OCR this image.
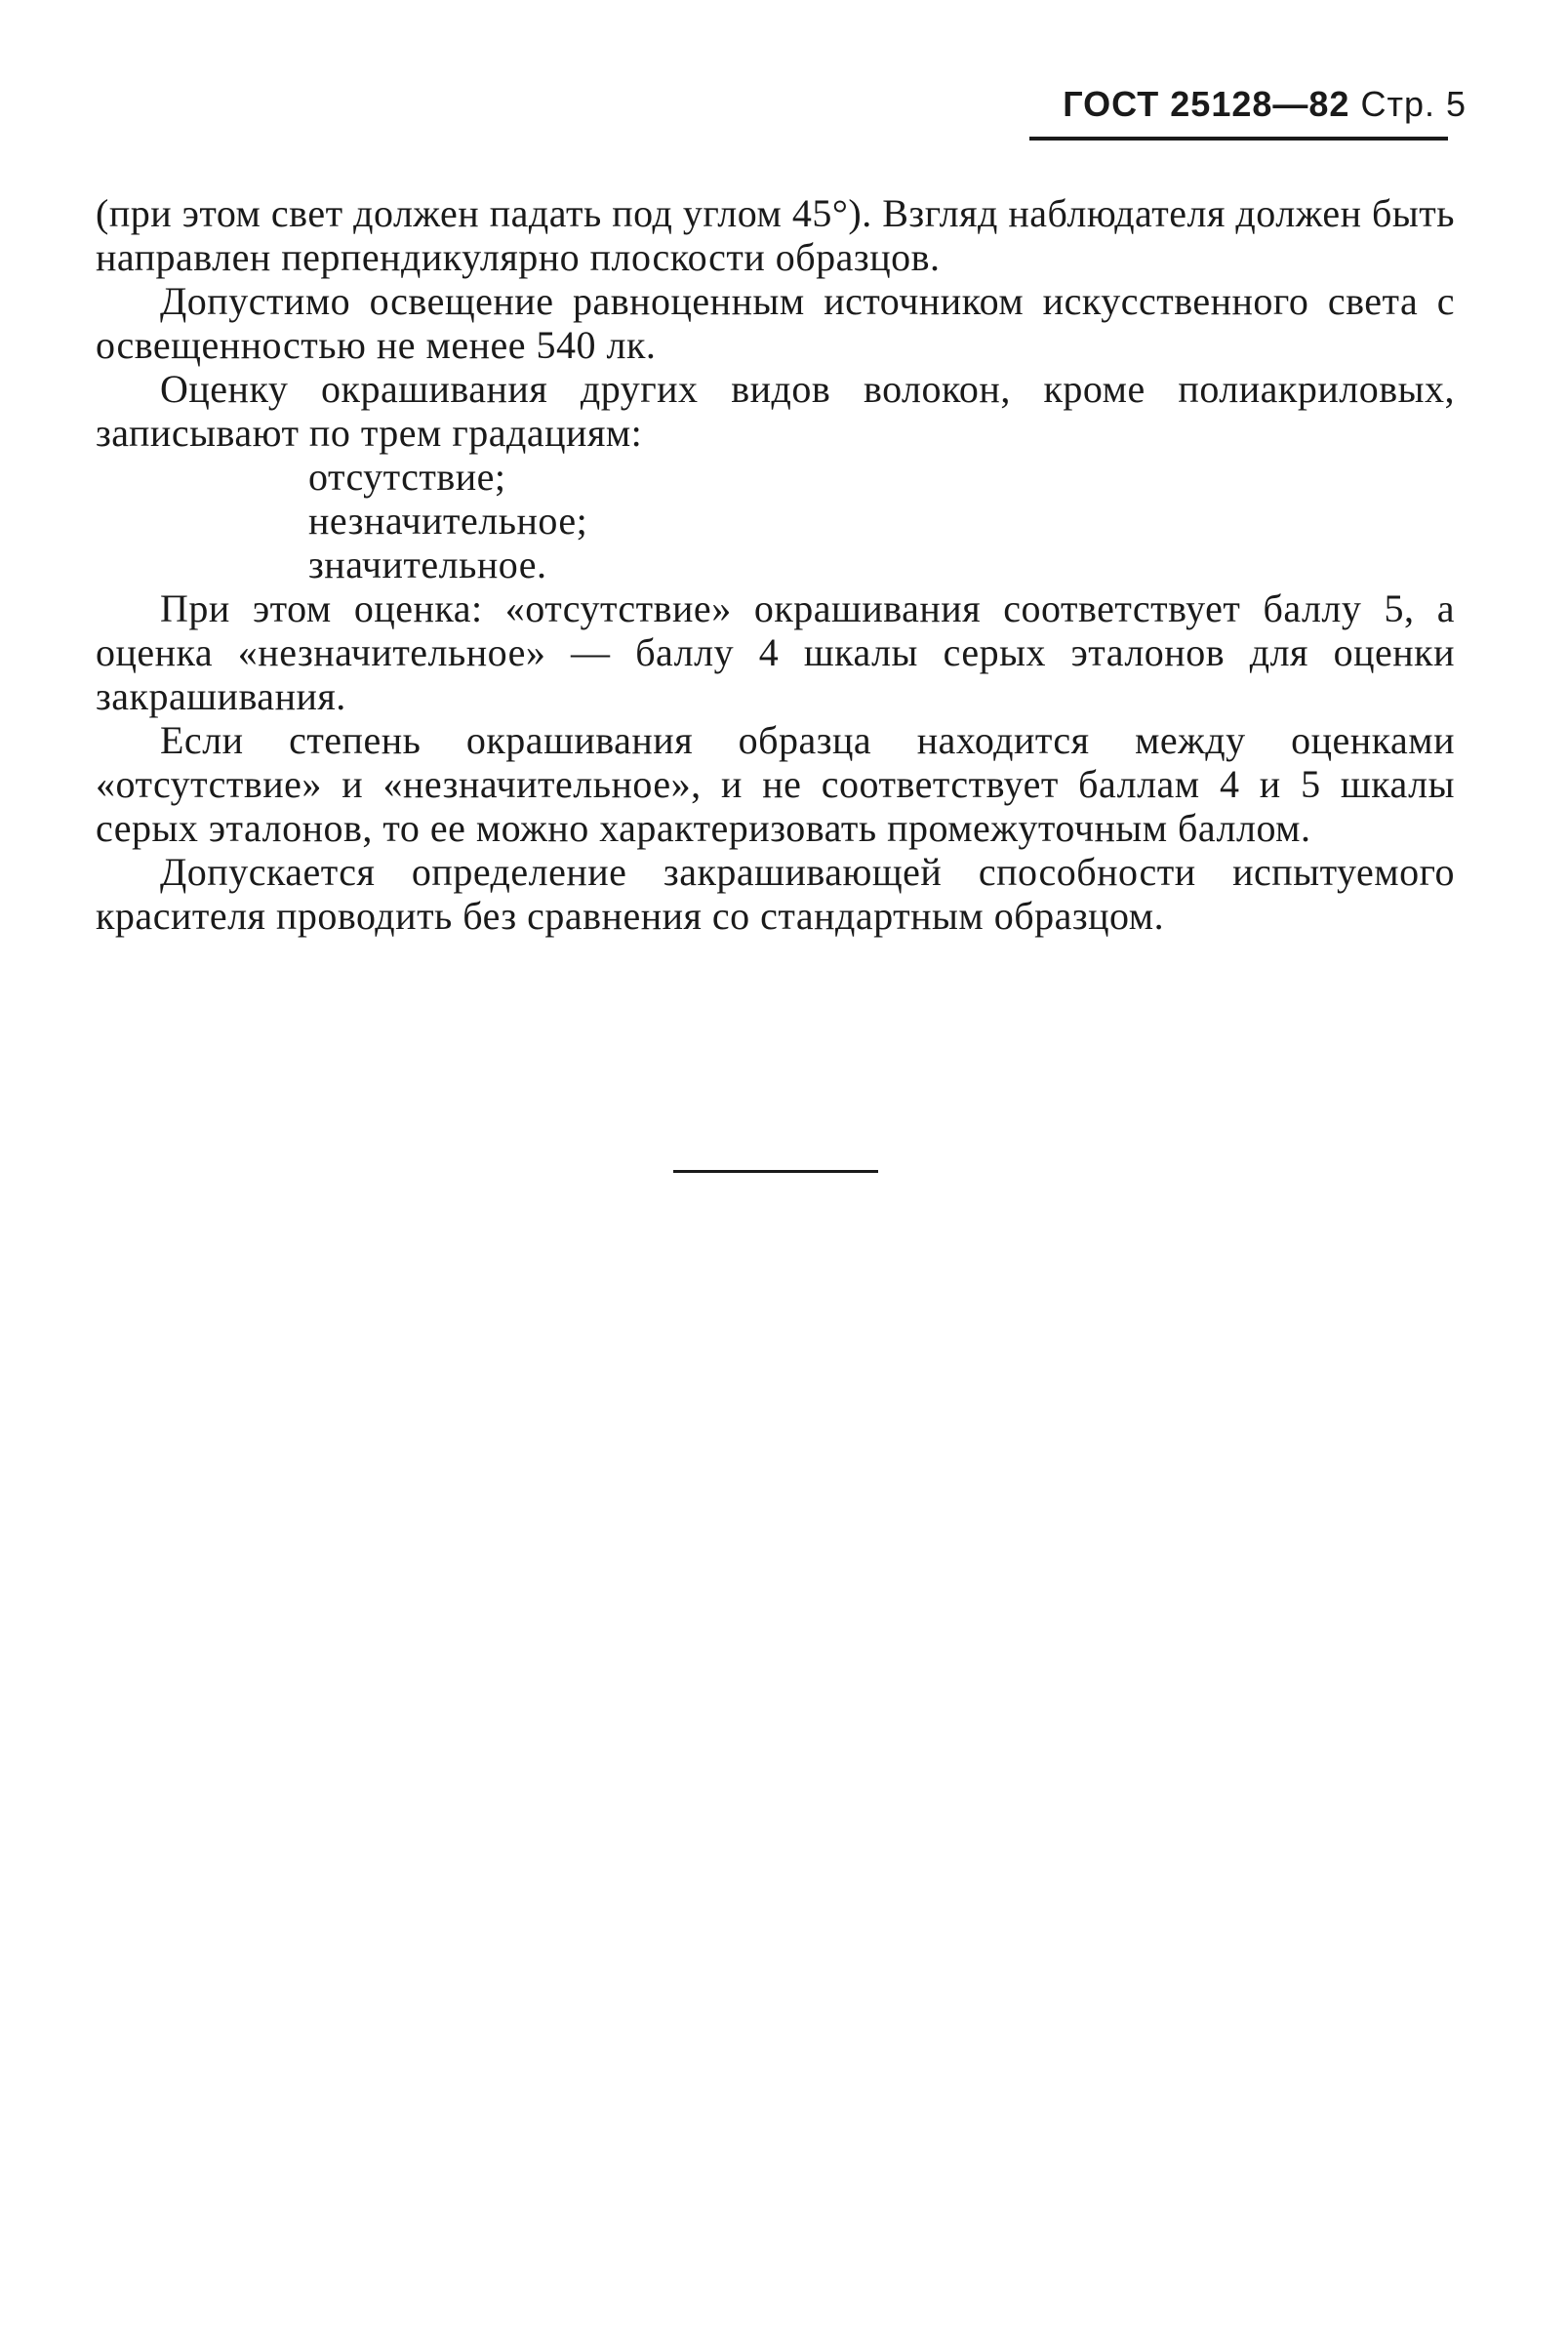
ГОСТ 25128—82 Стр. 5

(при этом свет должен падать под углом 45°). Взгляд наблюдателя должен быть направлен перпендикулярно плоскости образцов.

Допустимо освещение равноценным источником искусственного света с освещенностью не менее 540 лк.

Оценку окрашивания других видов волокон, кроме полиакриловых, записывают по трем градациям:

отсутствие;

незначительное;

значительное.

При этом оценка: «отсутствие» окрашивания соответствует баллу 5, а оценка «незначительное» — баллу 4 шкалы серых эталонов для оценки закрашивания.

Если степень окрашивания образца находится между оценками «отсутствие» и «незначительное», и не соответствует баллам 4 и 5 шкалы серых эталонов, то ее можно характеризовать промежуточным баллом.

Допускается определение закрашивающей способности испытуемого красителя проводить без сравнения со стандартным образцом.
